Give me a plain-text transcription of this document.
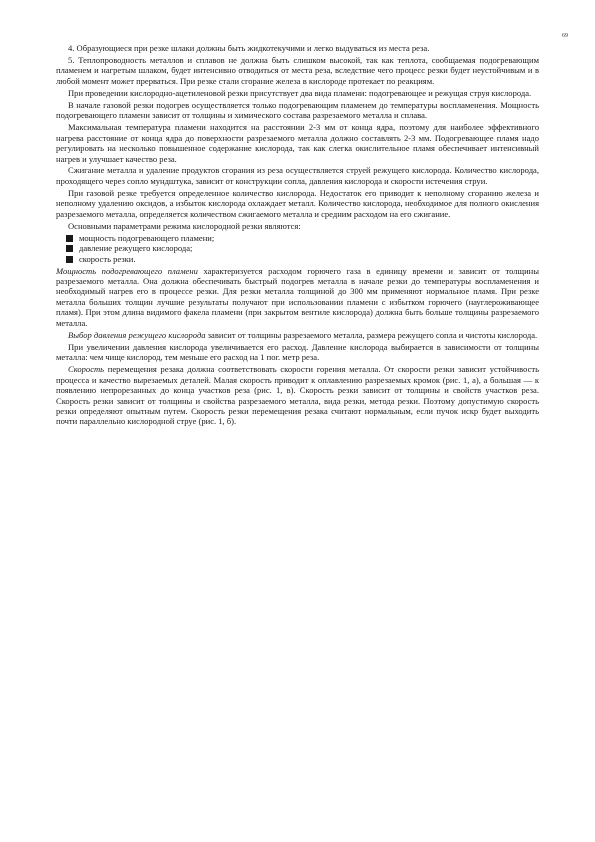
69

4. Образующиеся при резке шлаки должны быть жидкотекучими и легко выдуваться из места реза.

5. Теплопроводность металлов и сплавов не должна быть слишком высокой, так как теплота, сообщаемая подогревающим пламенем и нагретым шлаком, будет интенсивно отводиться от места реза, вследствие чего процесс резки будет неустойчивым и в любой момент может прерваться. При резке стали сгорание железа в кислороде протекает по реакциям.

При проведении кислородно-ацетиленовой резки присутствует два вида пламени: подогревающее и режущая струя кислорода.

В начале газовой резки подогрев осуществляется только подогревающим пламенем до температуры воспламенения. Мощность подогревающего пламени зависит от толщины и химического состава разрезаемого металла и сплава.

Максимальная температура пламени находится на расстоянии 2-3 мм от конца ядра, поэтому для наиболее эффективного нагрева расстояние от конца ядра до поверхности разрезаемого металла должно составлять 2-3 мм. Подогревающее пламя надо регулировать на несколько повышенное содержание кислорода, так как слегка окислительное пламя обеспечивает интенсивный нагрев и улучшает качество реза.

Сжигание металла и удаление продуктов сгорания из реза осуществляется струей режущего кислорода. Количество кислорода, проходящего через сопло мундштука, зависит от конструкции сопла, давления кислорода и скорости истечения струи.

При газовой резке требуется определенное количество кислорода. Недостаток его приводит к неполному сгоранию железа и неполному удалению оксидов, а избыток кислорода охлаждает металл. Количество кислорода, необходимое для полного окисления разрезаемого металла, определяется количеством сжигаемого металла и средним расходом на его сжигание.

Основными параметрами режима кислородной резки являются:

мощность подогревающего пламени;
давление режущего кислорода;
скорость резки.

Мощность подогревающего пламени характеризуется расходом горючего газа в единицу времени и зависит от толщины разрезаемого металла. Она должна обеспечивать быстрый подогрев металла в начале резки до температуры воспламенения и необходимый нагрев его в процессе резки. Для резки металла толщиной до 300 мм применяют нормальное пламя. При резке металла больших толщин лучшие результаты получают при использовании пламени с избытком горючего (науглероживающее пламя). При этом длина видимого факела пламени (при закрытом вентиле кислорода) должна быть больше толщины разрезаемого металла.

Выбор давления режущего кислорода зависит от толщины разрезаемого металла, размера режущего сопла и чистоты кислорода.

При увеличении давления кислорода увеличивается его расход. Давление кислорода выбирается в зависимости от толщины металла: чем чище кислород, тем меньше его расход на 1 пог. метр реза.

Скорость перемещения резака должна соответствовать скорости горения металла. От скорости резки зависит устойчивость процесса и качество вырезаемых деталей. Малая скорость приводит к оплавлению разрезаемых кромок (рис. 1, а), а большая — к появлению непрорезанных до конца участков реза (рис. 1, в). Скорость резки зависит от толщины и свойств участков реза. Скорость резки зависит от толщины и свойства разрезаемого металла, вида резки, метода резки. Поэтому допустимую скорость резки определяют опытным путем. Скорость резки перемещения резака считают нормальным, если пучок искр будет выходить почти параллельно кислородной струе (рис. 1, б).
